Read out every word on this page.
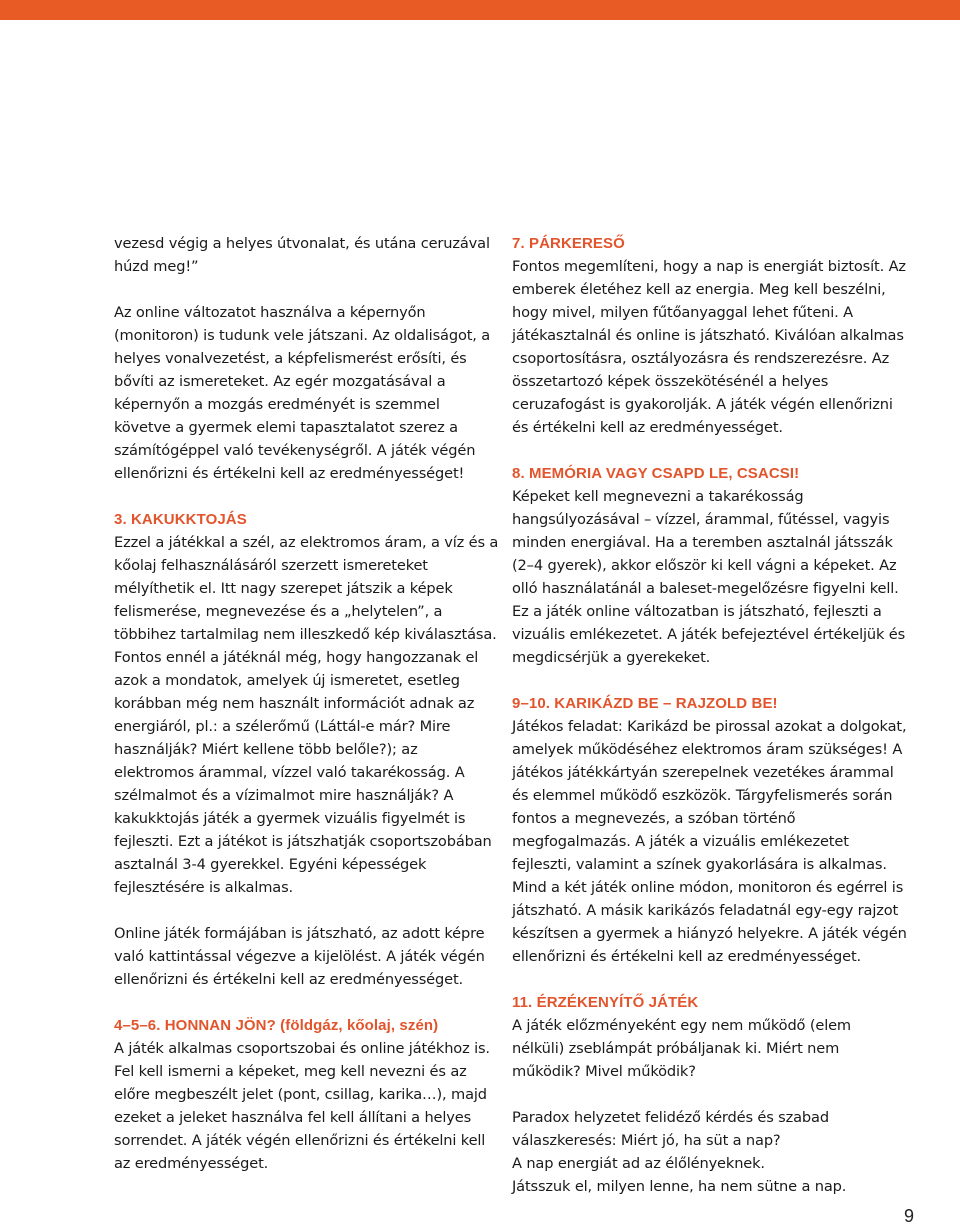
vezesd végig a helyes útvonalat, és utána ceruzával húzd meg!”

Az online változatot használva a képernyőn (monitoron) is tudunk vele játszani. Az oldaliságot, a helyes vonalvezetést, a képfelismerést erősíti, és bővíti az ismereteket. Az egér mozgatásával a képernyőn a mozgás eredményét is szemmel követve a gyermek elemi tapasztalatot szerez a számítógéppel való tevékenységről. A játék végén ellenőrizni és értékelni kell az eredményességet!

3. KAKUKKTOJÁS

Ezzel a játékkal a szél, az elektromos áram, a víz és a kőolaj felhasználásáról szerzett ismereteket mélyíthetik el. Itt nagy szerepet játszik a képek felismerése, megnevezése és a „helytelen”, a többihez tartalmilag nem illeszkedő kép kiválasztása. Fontos ennél a játéknál még, hogy hangozzanak el azok a mondatok, amelyek új ismeretet, esetleg korábban még nem használt információt adnak az energiáról, pl.: a szélerőmű (Láttál-e már? Mire használják? Miért kellene több belőle?); az elektromos árammal, vízzel való takarékosság. A szélmalmot és a vízimalmot mire használják? A kakukktojás játék a gyermek vizuális figyelmét is fejleszti. Ezt a játékot is játszhatják csoportszobában asztalnál 3-4 gyerekkel. Egyéni képességek fejlesztésére is alkalmas.

Online játék formájában is játszható, az adott képre való kattintással végezve a kijelölést. A játék végén ellenőrizni és értékelni kell az eredményességet.

4–5–6. HONNAN JÖN? (földgáz, kőolaj, szén)

A játék alkalmas csoportszobai és online játékhoz is. Fel kell ismerni a képeket, meg kell nevezni és az előre megbeszélt jelet (pont, csillag, karika…), majd ezeket a jeleket használva fel kell állítani a helyes sorrendet. A játék végén ellenőrizni és értékelni kell az eredményességet.

7. PÁRKERESŐ

Fontos megemlíteni, hogy a nap is energiát biztosít. Az emberek életéhez kell az energia. Meg kell beszélni, hogy mivel, milyen fűtőanyaggal lehet fűteni. A játékasztalnál és online is játszható. Kiválóan alkalmas csoportosításra, osztályozásra és rendszerezésre. Az összetartozó képek összekötésénél a helyes ceruzafogást is gyakorolják. A játék végén ellenőrizni és értékelni kell az eredményességet.

8. MEMÓRIA VAGY CSAPD LE, CSACSI!

Képeket kell megnevezni a takarékosság hangsúlyozásával – vízzel, árammal, fűtéssel, vagyis minden energiával. Ha a teremben asztalnál játsszák (2–4 gyerek), akkor először ki kell vágni a képeket. Az olló használatánál a baleset-megelőzésre figyelni kell. Ez a játék online változatban is játszható, fejleszti a vizuális emlékezetet. A játék befejeztével értékeljük és megdicsérjük a gyerekeket.

9–10. KARIKÁZD BE – RAJZOLD BE!

Játékos feladat: Karikázd be pirossal azokat a dolgokat, amelyek működéséhez elektromos áram szükséges! A játékos játékkártyán szerepelnek vezetékes árammal és elemmel működő eszközök. Tárgyfelismerés során fontos a megnevezés, a szóban történő megfogalmazás. A játék a vizuális emlékezetet fejleszti, valamint a színek gyakorlására is alkalmas. Mind a két játék online módon, monitoron és egérrel is játszható. A másik karikázós feladatnál egy-egy rajzot készítsen a gyermek a hiányzó helyekre. A játék végén ellenőrizni és értékelni kell az eredményességet.

11. ÉRZÉKENYÍTŐ JÁTÉK

A játék előzményeként egy nem működő (elem nélküli) zseblámpát próbáljanak ki. Miért nem működik? Mivel működik?

Paradox helyzetet felidéző kérdés és szabad válaszkeresés: Miért jó, ha süt a nap?

A nap energiát ad az élőlényeknek.

Játsszuk el, milyen lenne, ha nem sütne a nap.

9
